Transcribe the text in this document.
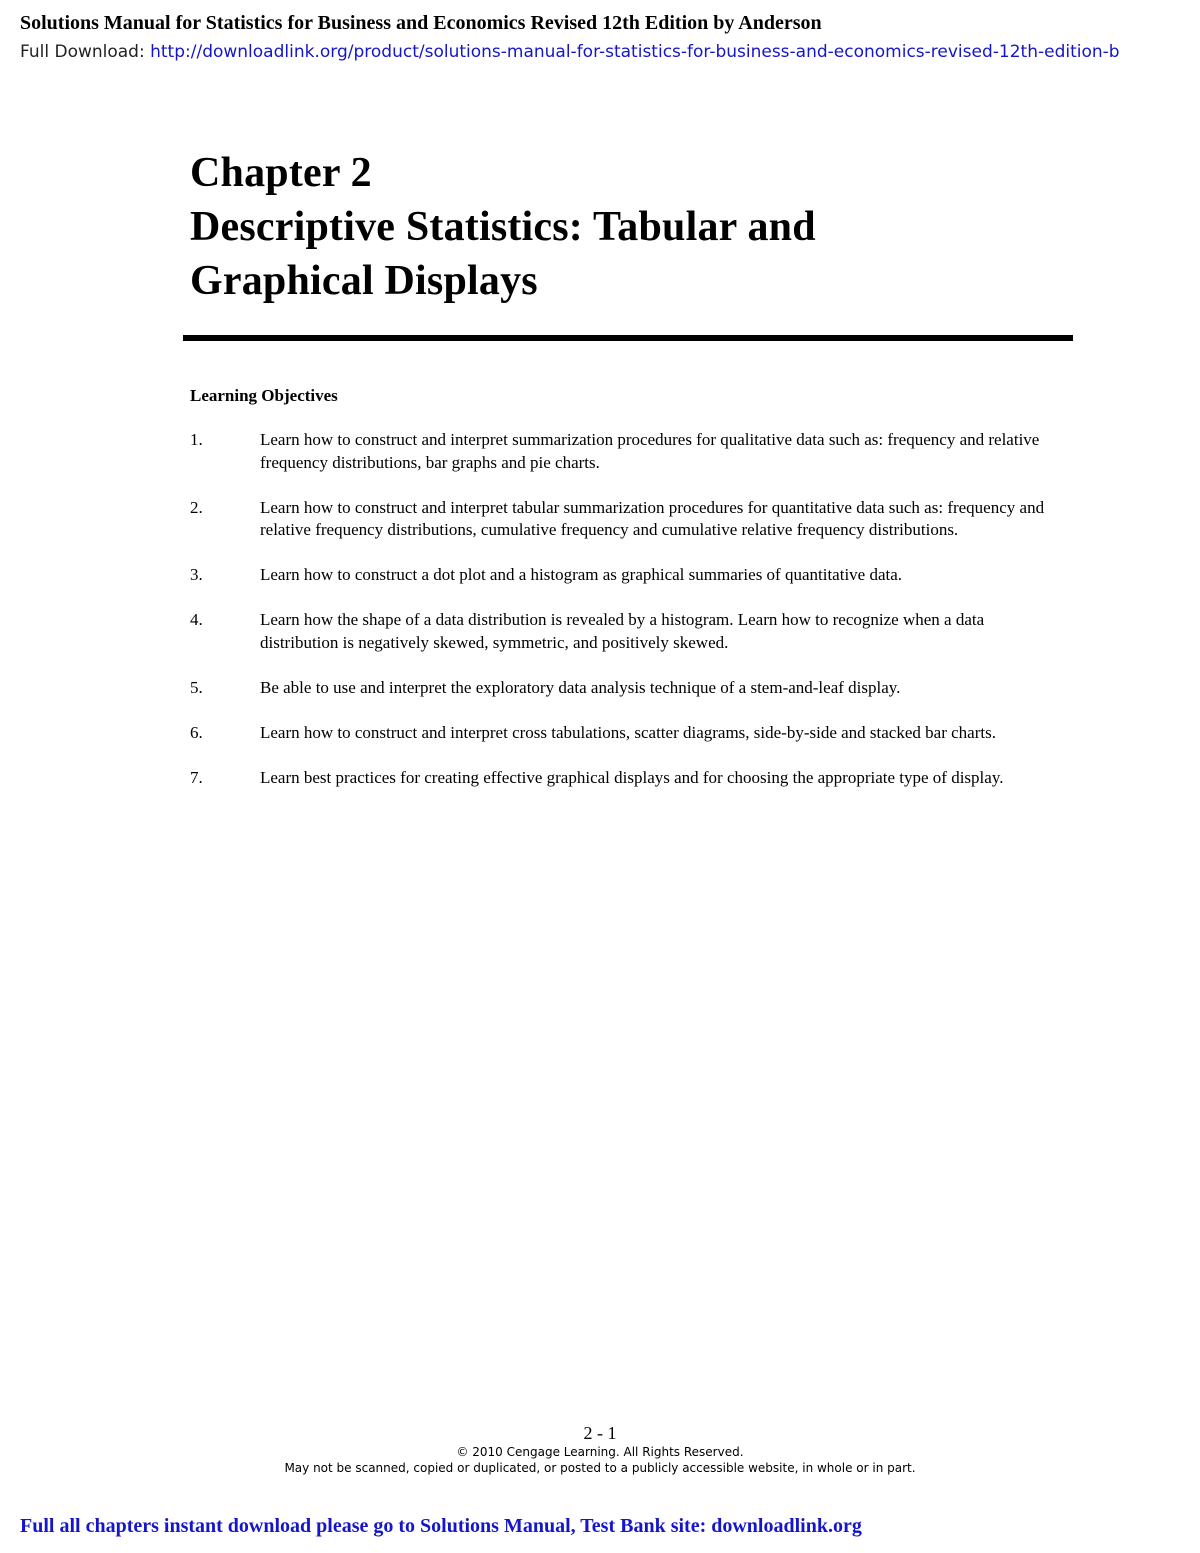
Solutions Manual for Statistics for Business and Economics Revised 12th Edition by Anderson
Full Download: http://downloadlink.org/product/solutions-manual-for-statistics-for-business-and-economics-revised-12th-edition-b
Chapter 2
Descriptive Statistics: Tabular and
Graphical Displays
Learning Objectives
1.	Learn how to construct and interpret summarization procedures for qualitative data such as: frequency and relative frequency distributions, bar graphs and pie charts.
2.	Learn how to construct and interpret tabular summarization procedures for quantitative data such as: frequency and relative frequency distributions, cumulative frequency and cumulative relative frequency distributions.
3.	Learn how to construct a dot plot and a histogram as graphical summaries of quantitative data.
4.	Learn how the shape of a data distribution is revealed by a histogram. Learn how to recognize when a data distribution is negatively skewed, symmetric, and positively skewed.
5.	Be able to use and interpret the exploratory data analysis technique of a stem-and-leaf display.
6.	Learn how to construct and interpret cross tabulations, scatter diagrams, side-by-side and stacked bar charts.
7.	Learn best practices for creating effective graphical displays and for choosing the appropriate type of display.
2 - 1
© 2010 Cengage Learning. All Rights Reserved.
May not be scanned, copied or duplicated, or posted to a publicly accessible website, in whole or in part.
Full all chapters instant download please go to Solutions Manual, Test Bank site: downloadlink.org
